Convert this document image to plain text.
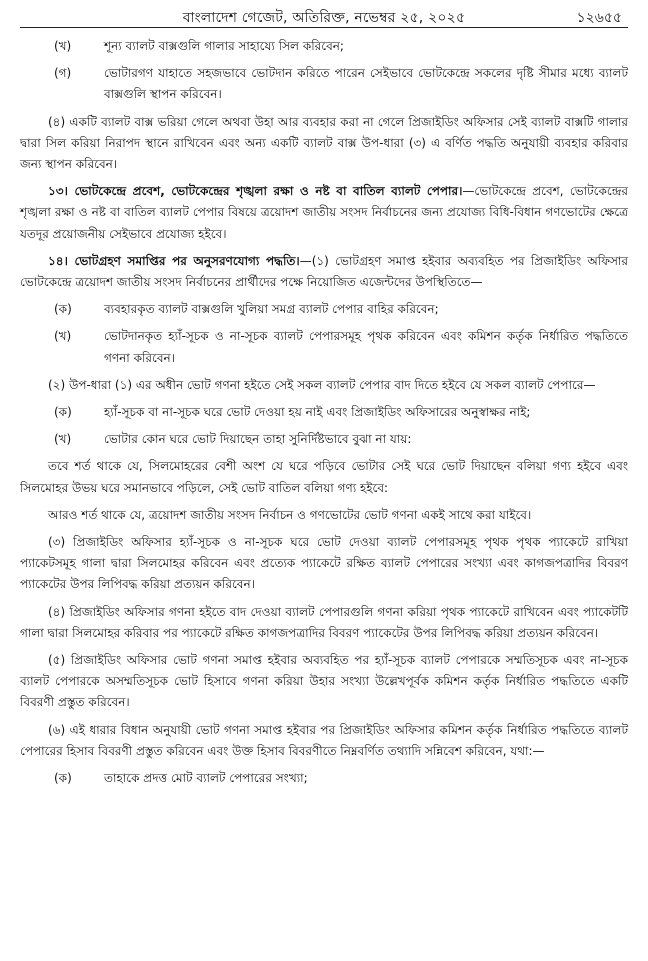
বাংলাদেশ গেজেট, অতিরিক্ত, নভেম্বর ২৫, ২০২৫	১২৬৫৫
(খ)	শূন্য ব্যালট বাক্সগুলি গালার সাহায্যে সিল করিবেন;
(গ)	ভোটারগণ যাহাতে সহজভাবে ভোটদান করিতে পারেন সেইভাবে ভোটকেন্দ্রে সকলের দৃষ্টি সীমার মধ্যে ব্যালট বাক্সগুলি স্থাপন করিবেন।

(৪) একটি ব্যালট বাক্স ভরিয়া গেলে অথবা উহা আর ব্যবহার করা না গেলে প্রিজাইডিং অফিসার সেই ব্যালট বাক্সটি গালার দ্বারা সিল করিয়া নিরাপদ স্থানে রাখিবেন এবং অন্য একটি ব্যালট বাক্স উপ-ধারা (৩) এ বর্ণিত পদ্ধতি অনুযায়ী ব্যবহার করিবার জন্য স্থাপন করিবেন।

১৩। ভোটকেন্দ্রে প্রবেশ, ভোটকেন্দ্রের শৃঙ্খলা রক্ষা ও নষ্ট বা বাতিল ব্যালট পেপার।—ভোটকেন্দ্রে প্রবেশ, ভোটকেন্দ্রের শৃঙ্খলা রক্ষা ও নষ্ট বা বাতিল ব্যালট পেপার বিষয়ে ত্রয়োদশ জাতীয় সংসদ নির্বাচনের জন্য প্রযোজ্য বিধি-বিধান গণভোটের ক্ষেত্রে যতদূর প্রয়োজনীয় সেইভাবে প্রযোজ্য হইবে।

১৪। ভোটগ্রহণ সমাপ্তির পর অনুসরণযোগ্য পদ্ধতি।—(১) ভোটগ্রহণ সমাপ্ত হইবার অব্যবহিত পর প্রিজাইডিং অফিসার ভোটকেন্দ্রে ত্রয়োদশ জাতীয় সংসদ নির্বাচনের প্রার্থীদের পক্ষে নিয়োজিত এজেন্টদের উপস্থিতিতে—

(ক)	ব্যবহারকৃত ব্যালট বাক্সগুলি খুলিয়া সমগ্র ব্যালট পেপার বাহির করিবেন;
(খ)	ভোটদানকৃত হ্যাঁ-সূচক ও না-সূচক ব্যালট পেপারসমূহ পৃথক করিবেন এবং কমিশন কর্তৃক নির্ধারিত পদ্ধতিতে গণনা করিবেন।

(২) উপ-ধারা (১) এর অধীন ভোট গণনা হইতে সেই সকল ব্যালট পেপার বাদ দিতে হইবে যে সকল ব্যালট পেপারে—

(ক)	হ্যাঁ-সূচক বা না-সূচক ঘরে ভোট দেওয়া হয় নাই এবং প্রিজাইডিং অফিসারের অনুস্বাক্ষর নাই;
(খ)	ভোটার কোন ঘরে ভোট দিয়াছেন তাহা সুনির্দিষ্টভাবে বুঝা না যায়:

তবে শর্ত থাকে যে, সিলমোহরের বেশী অংশ যে ঘরে পড়িবে ভোটার সেই ঘরে ভোট দিয়াছেন বলিয়া গণ্য হইবে এবং সিলমোহর উভয় ঘরে সমানভাবে পড়িলে, সেই ভোট বাতিল বলিয়া গণ্য হইবে:

আরও শর্ত থাকে যে, ত্রয়োদশ জাতীয় সংসদ নির্বাচন ও গণভোটের ভোট গণনা একই সাথে করা যাইবে।

(৩) প্রিজাইডিং অফিসার হ্যাঁ-সূচক ও না-সূচক ঘরে ভোট দেওয়া ব্যালট পেপারসমূহ পৃথক পৃথক প্যাকেটে রাখিয়া প্যাকেটসমূহ গালা দ্বারা সিলমোহর করিবেন এবং প্রত্যেক প্যাকেটে রক্ষিত ব্যালট পেপারের সংখ্যা এবং কাগজপত্রাদির বিবরণ প্যাকেটের উপর লিপিবদ্ধ করিয়া প্রত্যয়ন করিবেন।

(৪) প্রিজাইডিং অফিসার গণনা হইতে বাদ দেওয়া ব্যালট পেপারগুলি গণনা করিয়া পৃথক প্যাকেটে রাখিবেন এবং প্যাকেটটি গালা দ্বারা সিলমোহর করিবার পর প্যাকেটে রক্ষিত কাগজপত্রাদির বিবরণ প্যাকেটের উপর লিপিবদ্ধ করিয়া প্রত্যয়ন করিবেন।

(৫) প্রিজাইডিং অফিসার ভোট গণনা সমাপ্ত হইবার অব্যবহিত পর হ্যাঁ-সূচক ব্যালট পেপারকে সম্মতিসূচক এবং না-সূচক ব্যালট পেপারকে অসম্মতিসূচক ভোট হিসাবে গণনা করিয়া উহার সংখ্যা উল্লেখপূর্বক কমিশন কর্তৃক নির্ধারিত পদ্ধতিতে একটি বিবরণী প্রস্তুত করিবেন।

(৬) এই ধারার বিধান অনুযায়ী ভোট গণনা সমাপ্ত হইবার পর প্রিজাইডিং অফিসার কমিশন কর্তৃক নির্ধারিত পদ্ধতিতে ব্যালট পেপারের হিসাব বিবরণী প্রস্তুত করিবেন এবং উক্ত হিসাব বিবরণীতে নিম্নবর্ণিত তথ্যাদি সন্নিবেশ করিবেন, যথা:—

(ক)	তাহাকে প্রদত্ত মোট ব্যালট পেপারের সংখ্যা;
